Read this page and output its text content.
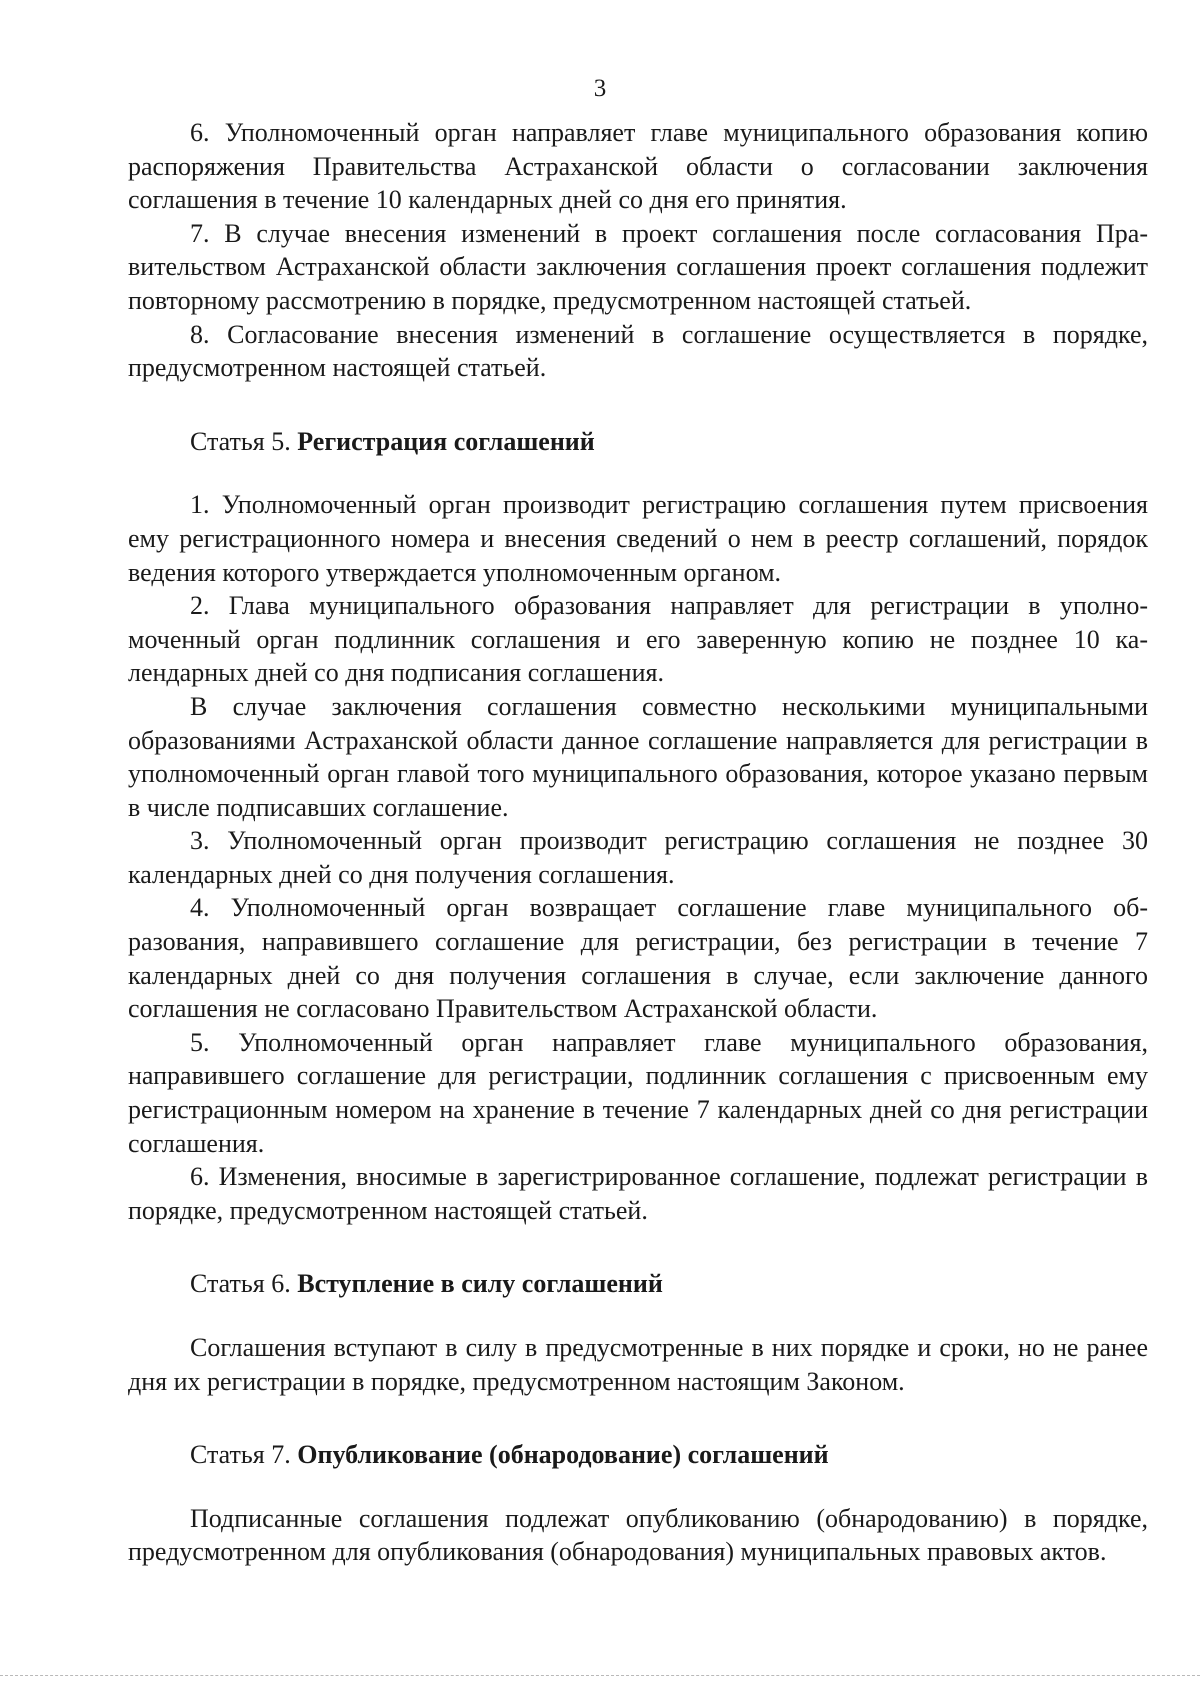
3

6. Уполномоченный орган направляет главе муниципального образования копию распоряжения Правительства Астраханской области о согласовании заключения соглашения в течение 10 календарных дней со дня его принятия.

7. В случае внесения изменений в проект соглашения после согласования Правительством Астраханской области заключения соглашения проект соглашения подлежит повторному рассмотрению в порядке, предусмотренном настоящей статьей.

8. Согласование внесения изменений в соглашение осуществляется в порядке, предусмотренном настоящей статьей.

Статья 5. Регистрация соглашений

1. Уполномоченный орган производит регистрацию соглашения путем присвоения ему регистрационного номера и внесения сведений о нем в реестр соглашений, порядок ведения которого утверждается уполномоченным органом.

2. Глава муниципального образования направляет для регистрации в уполномоченный орган подлинник соглашения и его заверенную копию не позднее 10 календарных дней со дня подписания соглашения.

В случае заключения соглашения совместно несколькими муниципальными образованиями Астраханской области данное соглашение направляется для регистрации в уполномоченный орган главой того муниципального образования, которое указано первым в числе подписавших соглашение.

3. Уполномоченный орган производит регистрацию соглашения не позднее 30 календарных дней со дня получения соглашения.

4. Уполномоченный орган возвращает соглашение главе муниципального образования, направившего соглашение для регистрации, без регистрации в течение 7 календарных дней со дня получения соглашения в случае, если заключение данного соглашения не согласовано Правительством Астраханской области.

5. Уполномоченный орган направляет главе муниципального образования, направившего соглашение для регистрации, подлинник соглашения с присвоенным ему регистрационным номером на хранение в течение 7 календарных дней со дня регистрации соглашения.

6. Изменения, вносимые в зарегистрированное соглашение, подлежат регистрации в порядке, предусмотренном настоящей статьей.

Статья 6. Вступление в силу соглашений

Соглашения вступают в силу в предусмотренные в них порядке и сроки, но не ранее дня их регистрации в порядке, предусмотренном настоящим Законом.

Статья 7. Опубликование (обнародование) соглашений

Подписанные соглашения подлежат опубликованию (обнародованию) в порядке, предусмотренном для опубликования (обнародования) муниципальных правовых актов.
